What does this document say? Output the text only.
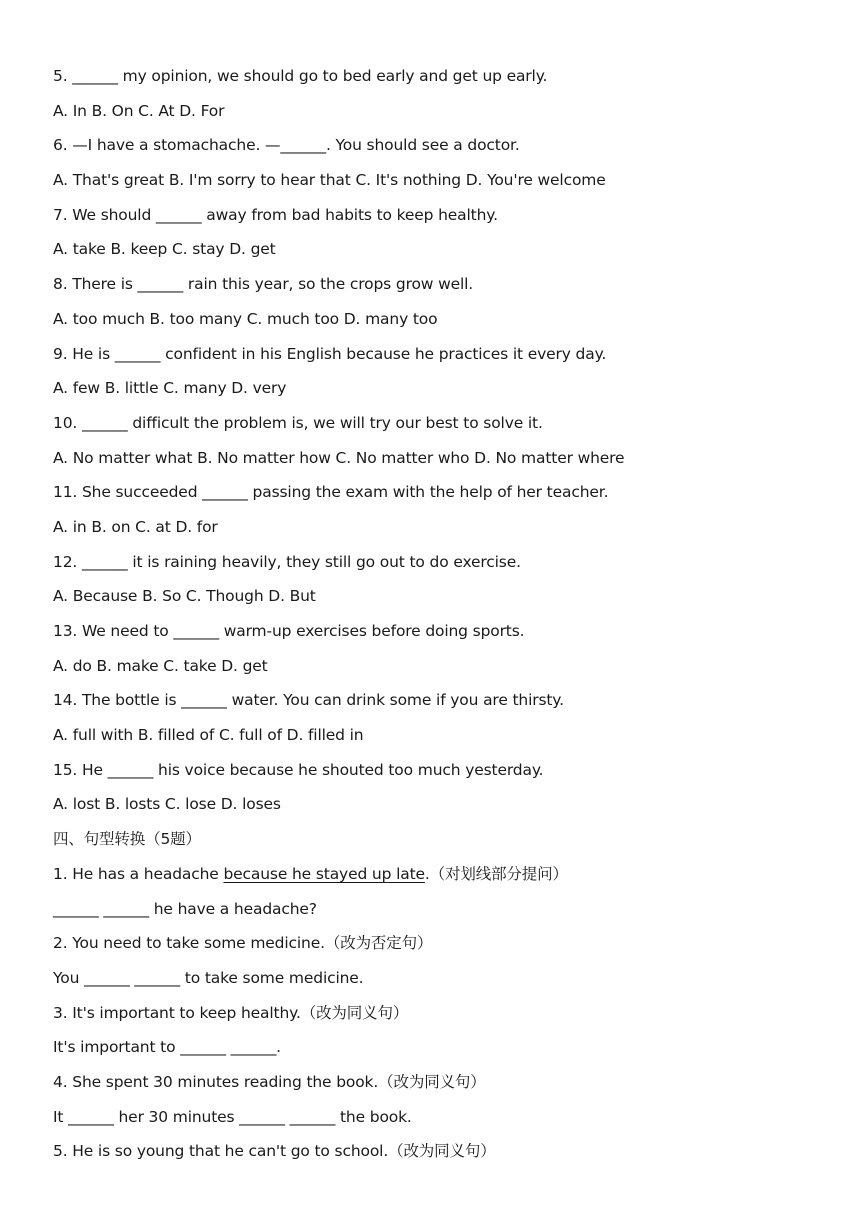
5. ______ my opinion, we should go to bed early and get up early.
A. In B. On C. At D. For
6. —I have a stomachache. —______. You should see a doctor.
A. That's great B. I'm sorry to hear that C. It's nothing D. You're welcome
7. We should ______ away from bad habits to keep healthy.
A. take B. keep C. stay D. get
8. There is ______ rain this year, so the crops grow well.
A. too much B. too many C. much too D. many too
9. He is ______ confident in his English because he practices it every day.
A. few B. little C. many D. very
10. ______ difficult the problem is, we will try our best to solve it.
A. No matter what B. No matter how C. No matter who D. No matter where
11. She succeeded ______ passing the exam with the help of her teacher.
A. in B. on C. at D. for
12. ______ it is raining heavily, they still go out to do exercise.
A. Because B. So C. Though D. But
13. We need to ______ warm-up exercises before doing sports.
A. do B. make C. take D. get
14. The bottle is ______ water. You can drink some if you are thirsty.
A. full with B. filled of C. full of D. filled in
15. He ______ his voice because he shouted too much yesterday.
A. lost B. losts C. lose D. loses
四、句型转换（5题）
1. He has a headache because he stayed up late.（对划线部分提问）
______ ______ he have a headache?
2. You need to take some medicine.（改为否定句）
You ______ ______ to take some medicine.
3. It's important to keep healthy.（改为同义句）
It's important to ______ ______.
4. She spent 30 minutes reading the book.（改为同义句）
It ______ her 30 minutes ______ ______ the book.
5. He is so young that he can't go to school.（改为同义句）
